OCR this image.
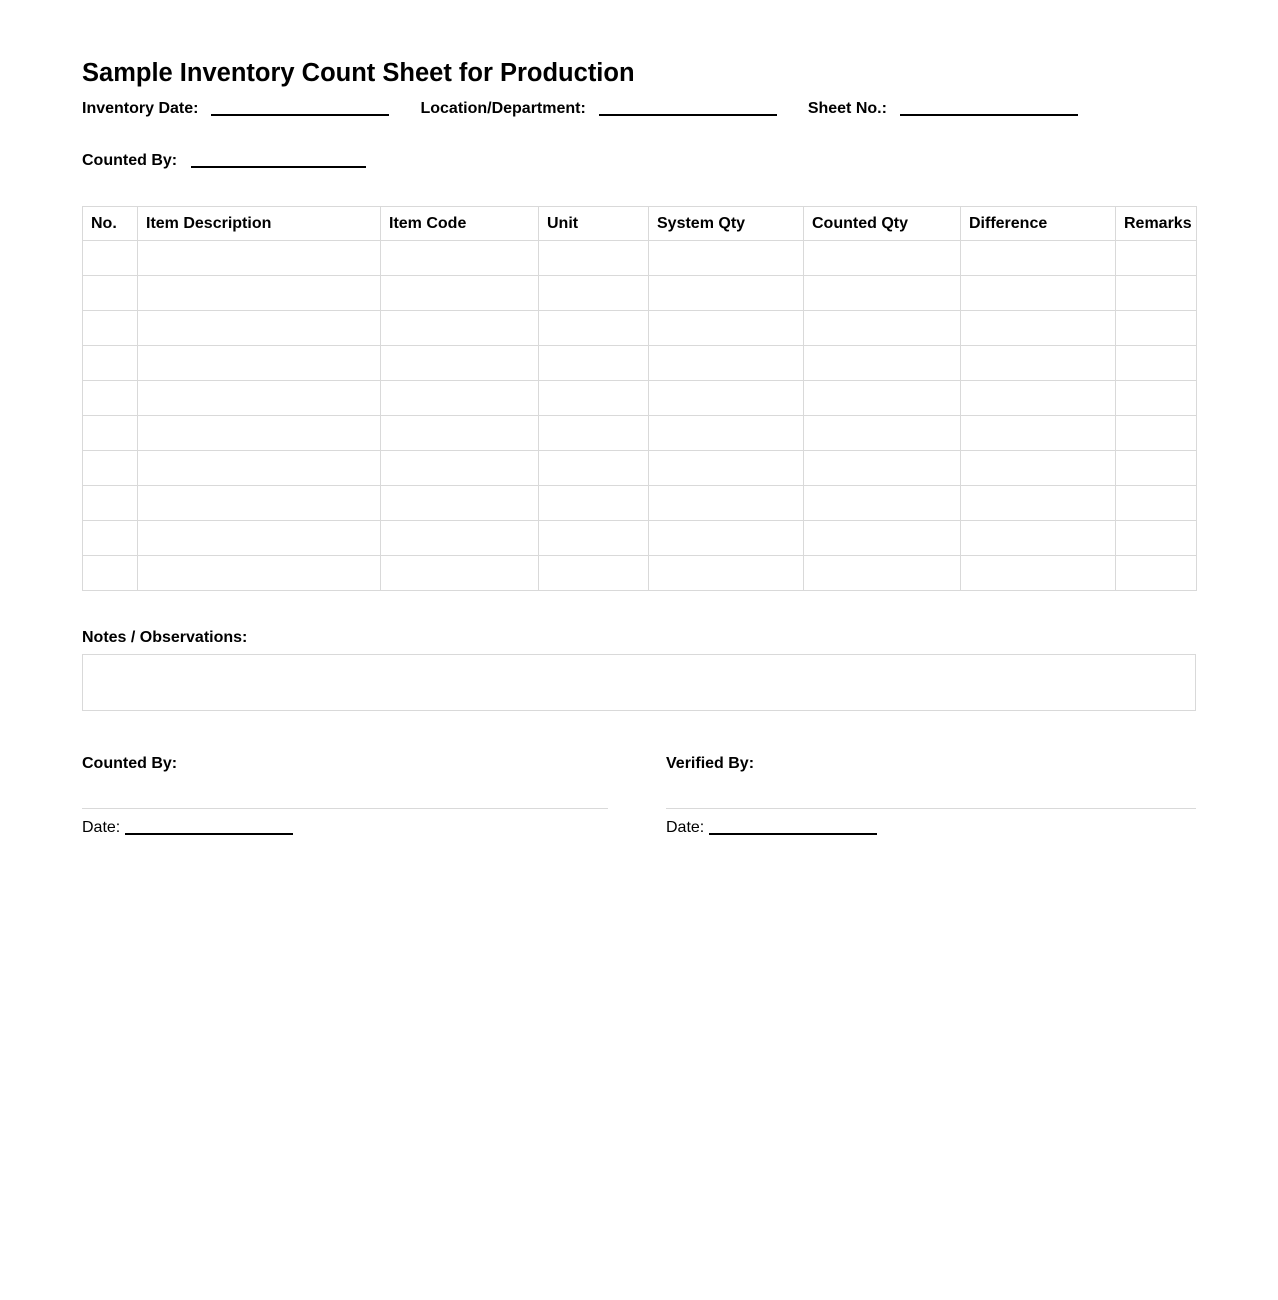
Sample Inventory Count Sheet for Production
Inventory Date:	Location/Department:	Sheet No.:
Counted By:
No.	Item Description	Item Code	Unit	System Qty	Counted Qty	Difference	Remarks

Notes / Observations:
Counted By:
Date:
Verified By:
Date:
